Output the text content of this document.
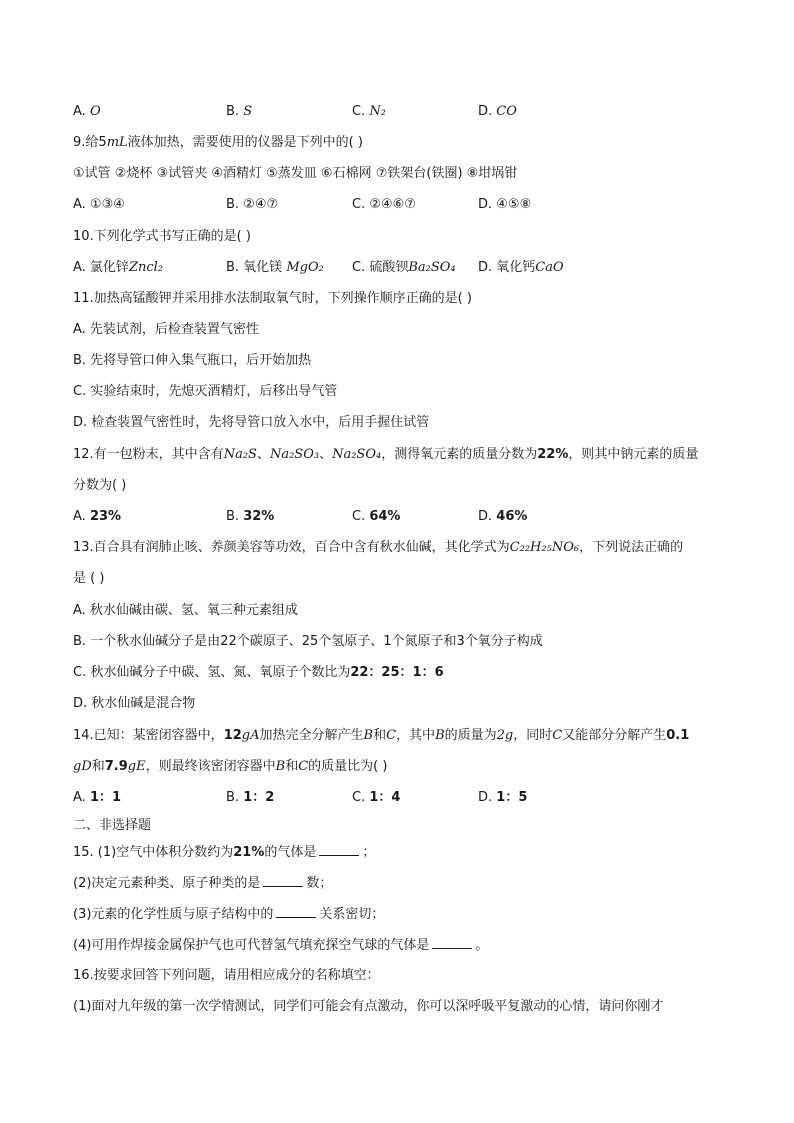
A. O	B. S	C. N₂	D. CO
9.给5mL液体加热，需要使用的仪器是下列中的( )
①试管 ②烧杯 ③试管夹 ④酒精灯 ⑤蒸发皿 ⑥石棉网 ⑦铁架台(铁圈) ⑧坩埚钳
A. ①③④	B. ②④⑦	C. ②④⑥⑦	D. ④⑤⑧
10.下列化学式书写正确的是( )
A. 氯化锌Zncl₂	B. 氧化镁 MgO₂ C. 硫酸钡Ba₂SO₄ D. 氧化钙CaO
11.加热高锰酸钾并采用排水法制取氧气时，下列操作顺序正确的是( )
A. 先装试剂，后检查装置气密性
B. 先将导管口伸入集气瓶口，后开始加热
C. 实验结束时，先熄灭酒精灯，后移出导气管
D. 检查装置气密性时，先将导管口放入水中，后用手握住试管
12.有一包粉末，其中含有Na₂S、Na₂SO₃、Na₂SO₄，测得氧元素的质量分数为22%，则其中钠元素的质量
分数为( )
A. 23%	B. 32%	C. 64%	D. 46%
13.百合具有润肺止咳、养颜美容等功效，百合中含有秋水仙碱，其化学式为C₂₂H₂₅NO₆，下列说法正确的
是 ( )
A. 秋水仙碱由碳、氢、氧三种元素组成
B. 一个秋水仙碱分子是由22个碳原子、25个氢原子、1个氮原子和3个氧分子构成
C. 秋水仙碱分子中碳、氢、氮、氧原子个数比为22：25：1：6
D. 秋水仙碱是混合物
14.已知：某密闭容器中，12gA加热完全分解产生B和C，其中B的质量为2g，同时C又能部分分解产生0.1
gD和7.9gE，则最终该密闭容器中B和C的质量比为( )
A. 1：1	B. 1：2	C. 1：4	D. 1：5
二、非选择题
15. (1)空气中体积分数约为21%的气体是	；
(2)决定元素种类、原子种类的是	数；
(3)元素的化学性质与原子结构中的	关系密切；
(4)可用作焊接金属保护气也可代替氢气填充探空气球的气体是	。
16.按要求回答下列问题，请用相应成分的名称填空：
(1)面对九年级的第一次学情测试，同学们可能会有点激动，你可以深呼吸平复激动的心情，请问你刚才
